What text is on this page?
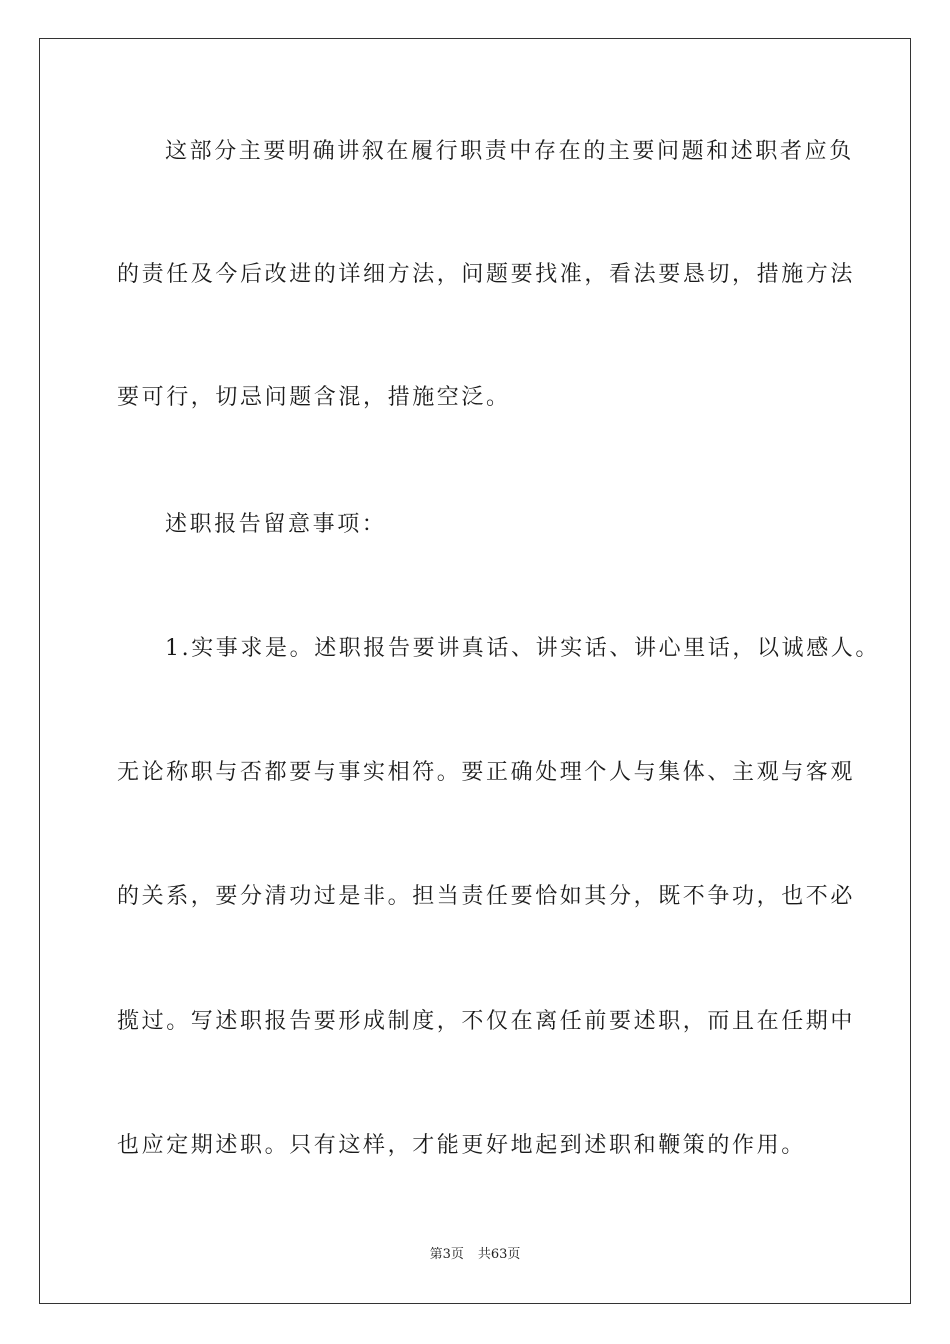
这部分主要明确讲叙在履行职责中存在的主要问题和述职者应负
的责任及今后改进的详细方法，问题要找准，看法要恳切，措施方法
要可行，切忌问题含混，措施空泛。
述职报告留意事项：
1.实事求是。述职报告要讲真话、讲实话、讲心里话，以诚感人。
无论称职与否都要与事实相符。要正确处理个人与集体、主观与客观
的关系，要分清功过是非。担当责任要恰如其分，既不争功，也不必
揽过。写述职报告要形成制度，不仅在离任前要述职，而且在任期中
也应定期述职。只有这样，才能更好地起到述职和鞭策的作用。
第3页 共63页
